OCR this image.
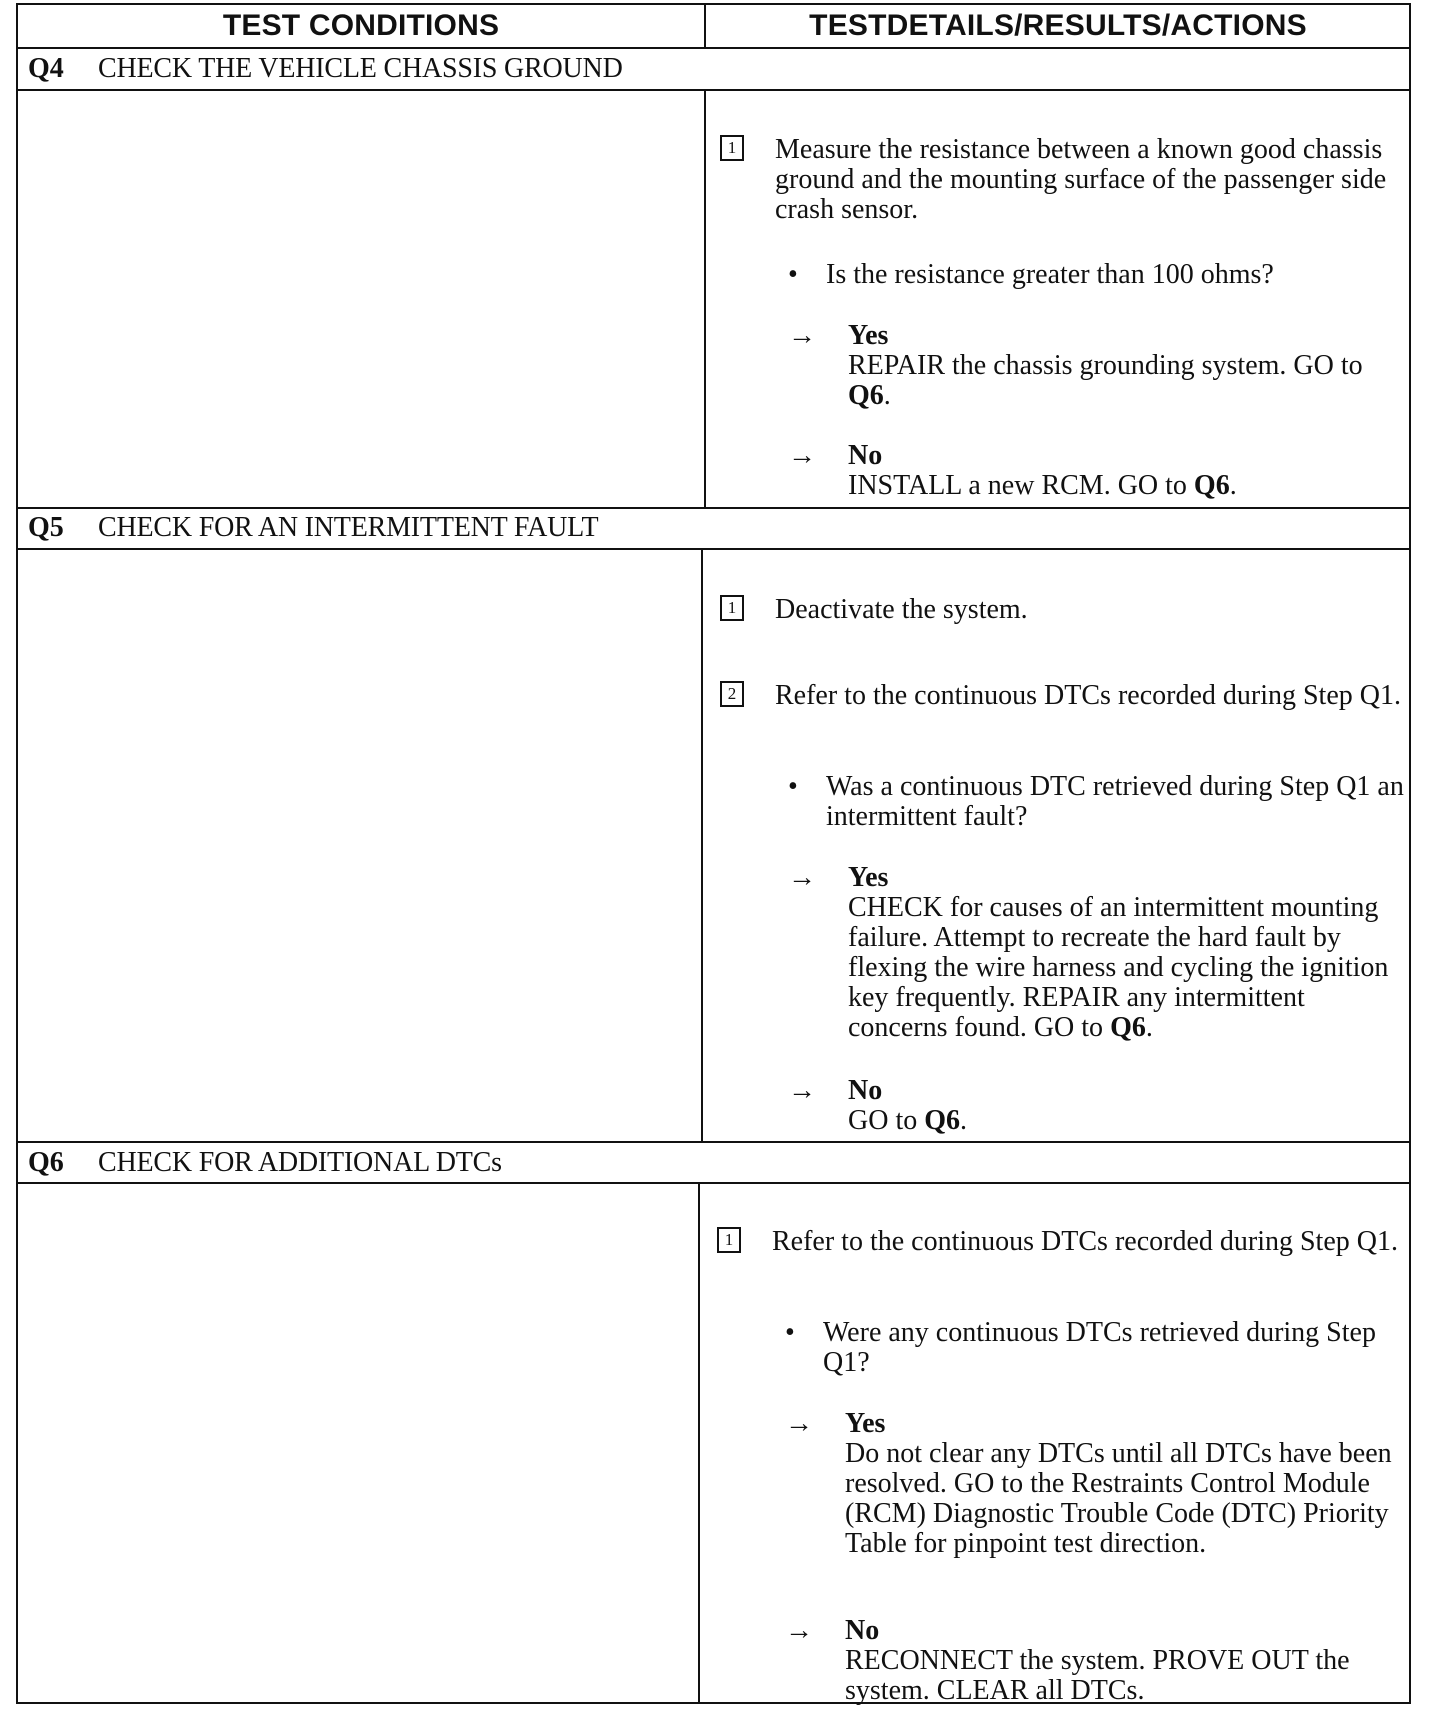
TEST CONDITIONS	TESTDETAILS/RESULTS/ACTIONS
Q4	CHECK THE VEHICLE CHASSIS GROUND
1 Measure the resistance between a known good chassis ground and the mounting surface of the passenger side crash sensor.
• Is the resistance greater than 100 ohms?
→ Yes
REPAIR the chassis grounding system. GO to Q6.
→ No
INSTALL a new RCM. GO to Q6.
Q5	CHECK FOR AN INTERMITTENT FAULT
1 Deactivate the system.
2 Refer to the continuous DTCs recorded during Step Q1.
• Was a continuous DTC retrieved during Step Q1 an intermittent fault?
→ Yes
CHECK for causes of an intermittent mounting failure. Attempt to recreate the hard fault by flexing the wire harness and cycling the ignition key frequently. REPAIR any intermittent concerns found. GO to Q6.
→ No
GO to Q6.
Q6	CHECK FOR ADDITIONAL DTCs
1 Refer to the continuous DTCs recorded during Step Q1.
• Were any continuous DTCs retrieved during Step Q1?
→ Yes
Do not clear any DTCs until all DTCs have been resolved. GO to the Restraints Control Module (RCM) Diagnostic Trouble Code (DTC) Priority Table for pinpoint test direction.
→ No
RECONNECT the system. PROVE OUT the system. CLEAR all DTCs.
